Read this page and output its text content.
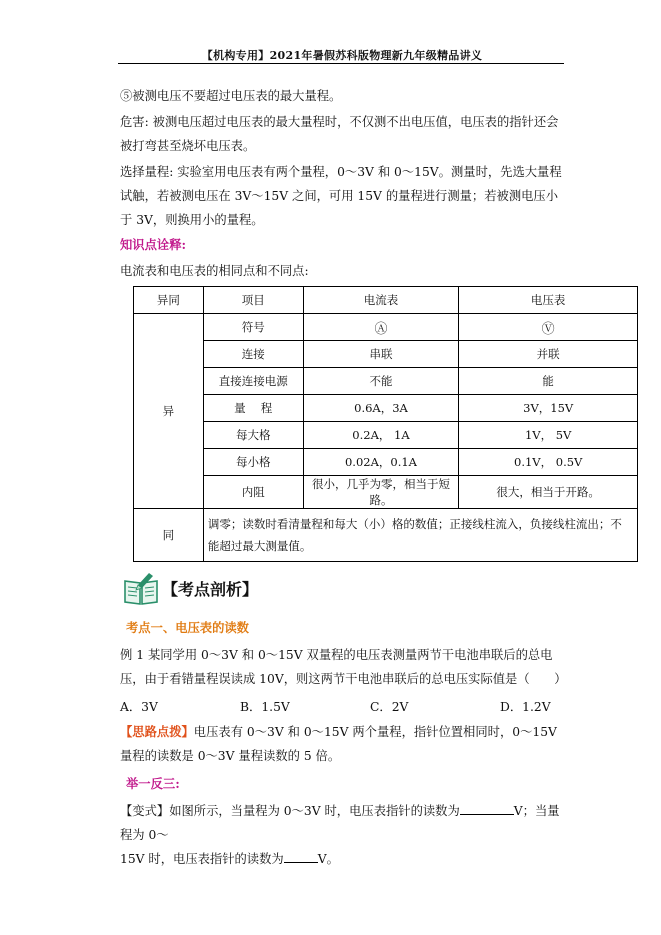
【机构专用】2021年暑假苏科版物理新九年级精品讲义
⑤被测电压不要超过电压表的最大量程。
危害: 被测电压超过电压表的最大量程时，不仅测不出电压值，电压表的指针还会被打弯甚至烧坏电压表。
选择量程: 实验室用电压表有两个量程，0～3V 和 0～15V。测量时，先选大量程试触，若被测电压在 3V～15V 之间，可用 15V 的量程进行测量；若被测电压小于 3V，则换用小的量程。
知识点诠释:
电流表和电压表的相同点和不同点:
异同	项目	电流表	电压表
异	符号	Ⓐ	Ⓥ
	连接	串联	并联
	直接连接电源	不能	能
	量　 程	0.6A，3A	3V，15V
	每大格	0.2A， 1A	1V， 5V
	每小格	0.02A，0.1A	0.1V， 0.5V
	内阻	很小，几乎为零，相当于短路。	很大，相当于开路。
同	调零；读数时看清量程和每大（小）格的数值；正接线柱流入，负接线柱流出；不能超过最大测量值。		
【考点剖析】
考点一、电压表的读数
例 1 某同学用 0～3V 和 0～15V 双量程的电压表测量两节干电池串联后的总电压，由于看错量程误读成 10V，则这两节干电池串联后的总电压实际值是（　　）
A．3V	B．1.5V	C．2V	D．1.2V
【思路点拨】电压表有 0～3V 和 0～15V 两个量程，指针位置相同时，0～15V 量程的读数是 0～3V 量程读数的 5 倍。
举一反三:
【变式】如图所示，当量程为 0～3V 时，电压表指针的读数为	V；当量程为 0～
15V 时，电压表指针的读数为	V。
